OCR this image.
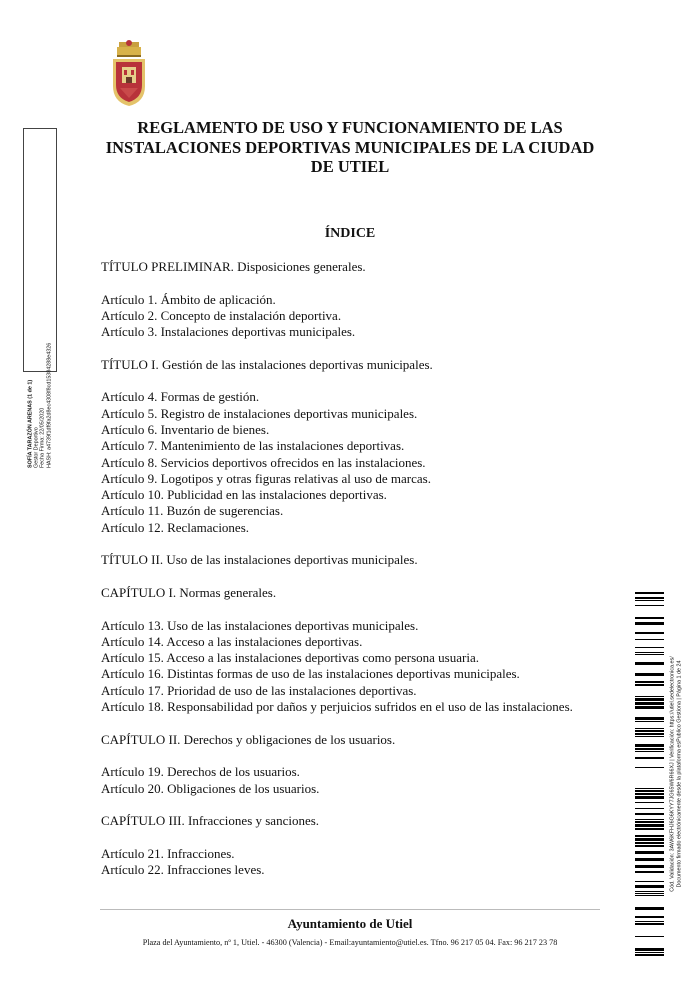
REGLAMENTO DE USO Y FUNCIONAMIENTO DE LAS
INSTALACIONES DEPORTIVAS MUNICIPALES DE LA CIUDAD
DE UTIEL
ÍNDICE
TÍTULO PRELIMINAR. Disposiciones generales.
Artículo 1. Ámbito de aplicación.
Artículo 2. Concepto de instalación deportiva.
Artículo 3. Instalaciones deportivas municipales.
TÍTULO I. Gestión de las instalaciones deportivas municipales.
Artículo 4. Formas de gestión.
Artículo 5. Registro de instalaciones deportivas municipales.
Artículo 6. Inventario de bienes.
Artículo 7. Mantenimiento de las instalaciones deportivas.
Artículo 8. Servicios deportivos ofrecidos en las instalaciones.
Artículo 9. Logotipos y otras figuras relativas al uso de marcas.
Artículo 10. Publicidad en las instalaciones deportivas.
Artículo 11. Buzón de sugerencias.
Artículo 12. Reclamaciones.
TÍTULO II. Uso de las instalaciones deportivas municipales.
CAPÍTULO I. Normas generales.
Artículo 13. Uso de las instalaciones deportivas municipales.
Artículo 14. Acceso a las instalaciones deportivas.
Artículo 15. Acceso a las instalaciones deportivas como persona usuaria.
Artículo 16. Distintas formas de uso de las instalaciones deportivas municipales.
Artículo 17. Prioridad de uso de las instalaciones deportivas.
Artículo 18. Responsabilidad por daños y perjuicios sufridos en el uso de las instalaciones.
CAPÍTULO II. Derechos y obligaciones de los usuarios.
Artículo 19. Derechos de los usuarios.
Artículo 20. Obligaciones de los usuarios.
CAPÍTULO III. Infracciones y sanciones.
Artículo 21. Infracciones.
Artículo 22. Infracciones leves.
Ayuntamiento de Utiel
Plaza del Ayuntamiento, nº 1, Utiel. - 46300 (Valencia) - Email:ayuntamiento@utiel.es. Tfno. 96 217 05 04. Fax: 96 217 23 78
SOFÍA TARAZÓN ARENAS (1 de 1) Gestor Deportivo Fecha Firma: 22/05/2020 HASH: a4739f1df9fa2d8ec4308f8cd15384288e4326
Cód. Validación: 3AW6KFHJ6G6KYY7JG65W6R66XJ | Verificación: https://utiel.sedelectronica.es/ Documento firmado electrónicamente desde la plataforma esPublico Gestiona | Página 1 de 24
